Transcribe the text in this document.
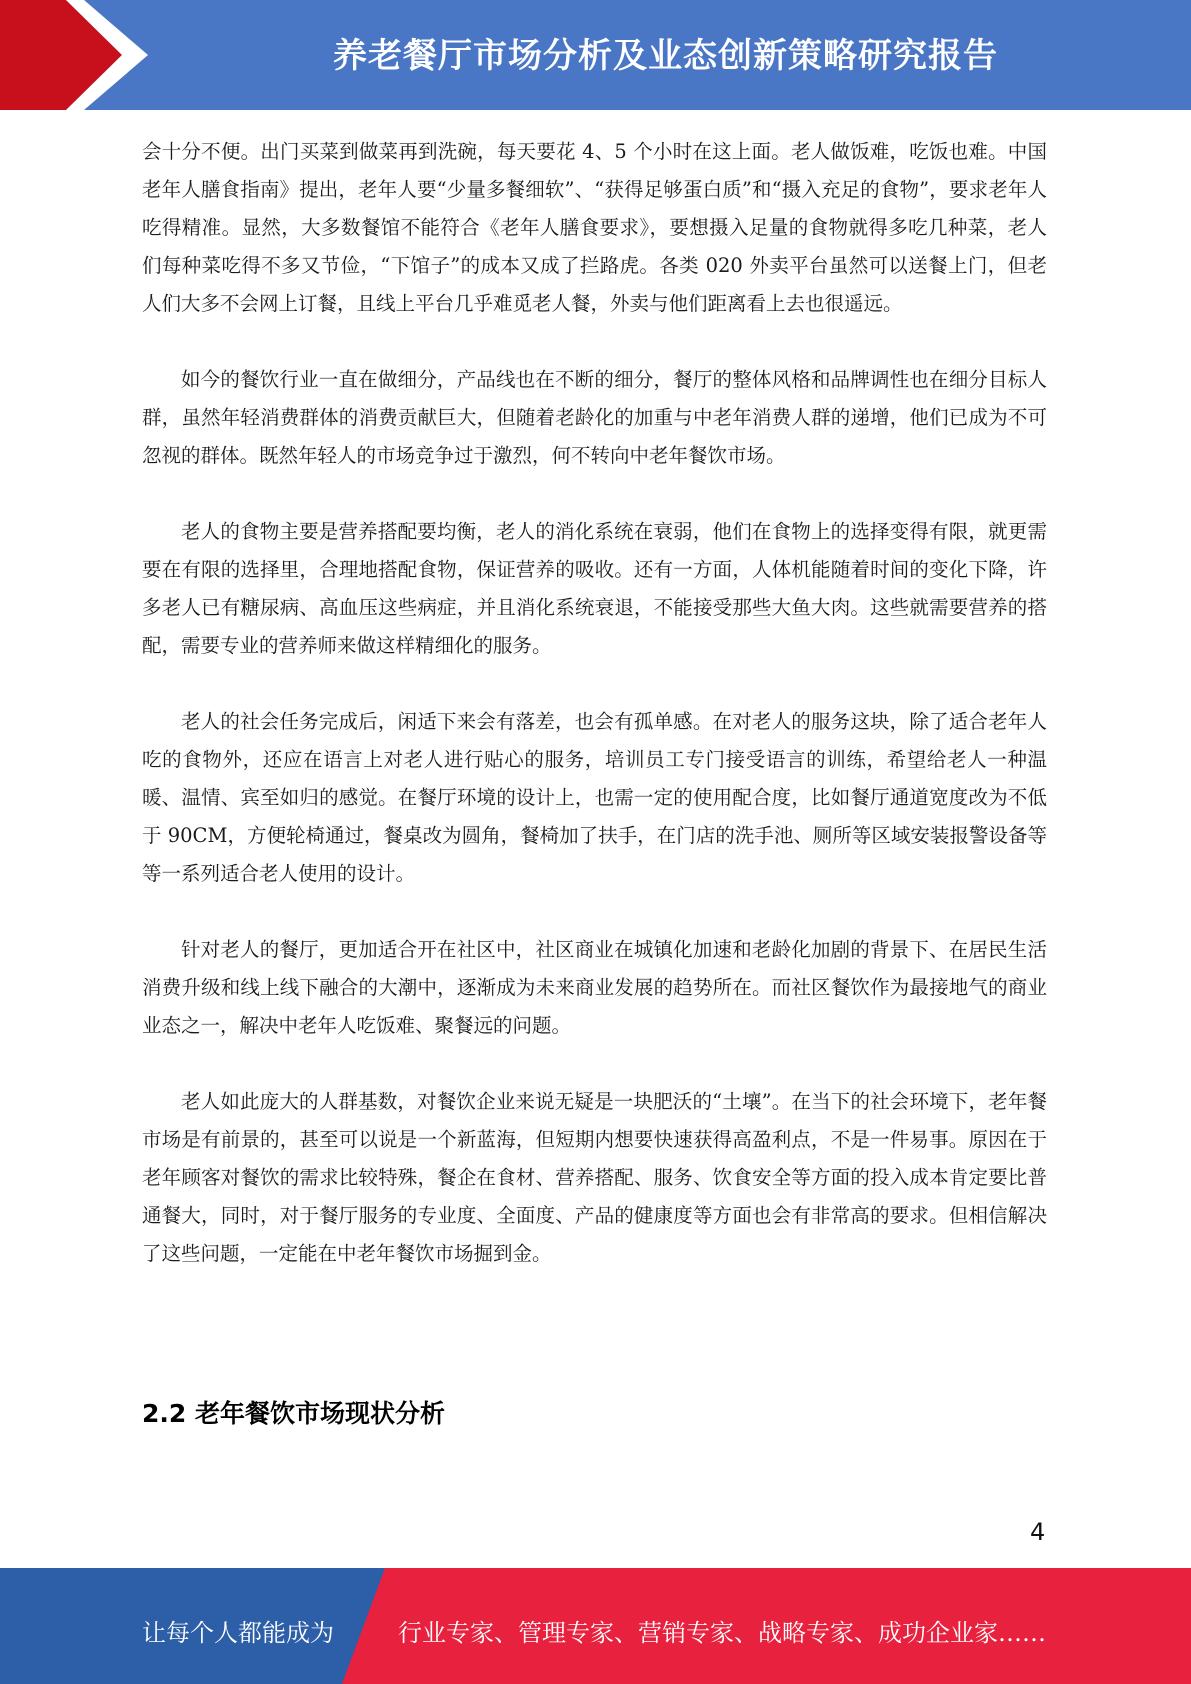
养老餐厅市场分析及业态创新策略研究报告

会十分不便。出门买菜到做菜再到洗碗，每天要花 4、5 个小时在这上面。老人做饭难，吃饭也难。中国老年人膳食指南》提出，老年人要“少量多餐细软”、“获得足够蛋白质”和“摄入充足的食物”，要求老年人吃得精准。显然，大多数餐馆不能符合《老年人膳食要求》，要想摄入足量的食物就得多吃几种菜，老人们每种菜吃得不多又节俭，“下馆子”的成本又成了拦路虎。各类 020 外卖平台虽然可以送餐上门，但老人们大多不会网上订餐，且线上平台几乎难觅老人餐，外卖与他们距离看上去也很遥远。

如今的餐饮行业一直在做细分，产品线也在不断的细分，餐厅的整体风格和品牌调性也在细分目标人群，虽然年轻消费群体的消费贡献巨大，但随着老龄化的加重与中老年消费人群的递增，他们已成为不可忽视的群体。既然年轻人的市场竞争过于激烈，何不转向中老年餐饮市场。

老人的食物主要是营养搭配要均衡，老人的消化系统在衰弱，他们在食物上的选择变得有限，就更需要在有限的选择里，合理地搭配食物，保证营养的吸收。还有一方面，人体机能随着时间的变化下降，许多老人已有糖尿病、高血压这些病症，并且消化系统衰退，不能接受那些大鱼大肉。这些就需要营养的搭配，需要专业的营养师来做这样精细化的服务。

老人的社会任务完成后，闲适下来会有落差，也会有孤单感。在对老人的服务这块，除了适合老年人吃的食物外，还应在语言上对老人进行贴心的服务，培训员工专门接受语言的训练，希望给老人一种温暖、温情、宾至如归的感觉。在餐厅环境的设计上，也需一定的使用配合度，比如餐厅通道宽度改为不低于 90CM，方便轮椅通过，餐桌改为圆角，餐椅加了扶手，在门店的洗手池、厕所等区域安装报警设备等等一系列适合老人使用的设计。

针对老人的餐厅，更加适合开在社区中，社区商业在城镇化加速和老龄化加剧的背景下、在居民生活消费升级和线上线下融合的大潮中，逐渐成为未来商业发展的趋势所在。而社区餐饮作为最接地气的商业业态之一，解决中老年人吃饭难、聚餐远的问题。

老人如此庞大的人群基数，对餐饮企业来说无疑是一块肥沃的“土壤”。在当下的社会环境下，老年餐市场是有前景的，甚至可以说是一个新蓝海，但短期内想要快速获得高盈利点，不是一件易事。原因在于老年顾客对餐饮的需求比较特殊，餐企在食材、营养搭配、服务、饮食安全等方面的投入成本肯定要比普通餐大，同时，对于餐厅服务的专业度、全面度、产品的健康度等方面也会有非常高的要求。但相信解决了这些问题，一定能在中老年餐饮市场掘到金。

2.2 老年餐饮市场现状分析
4
让每个人都能成为	行业专家、管理专家、营销专家、战略专家、成功企业家……
